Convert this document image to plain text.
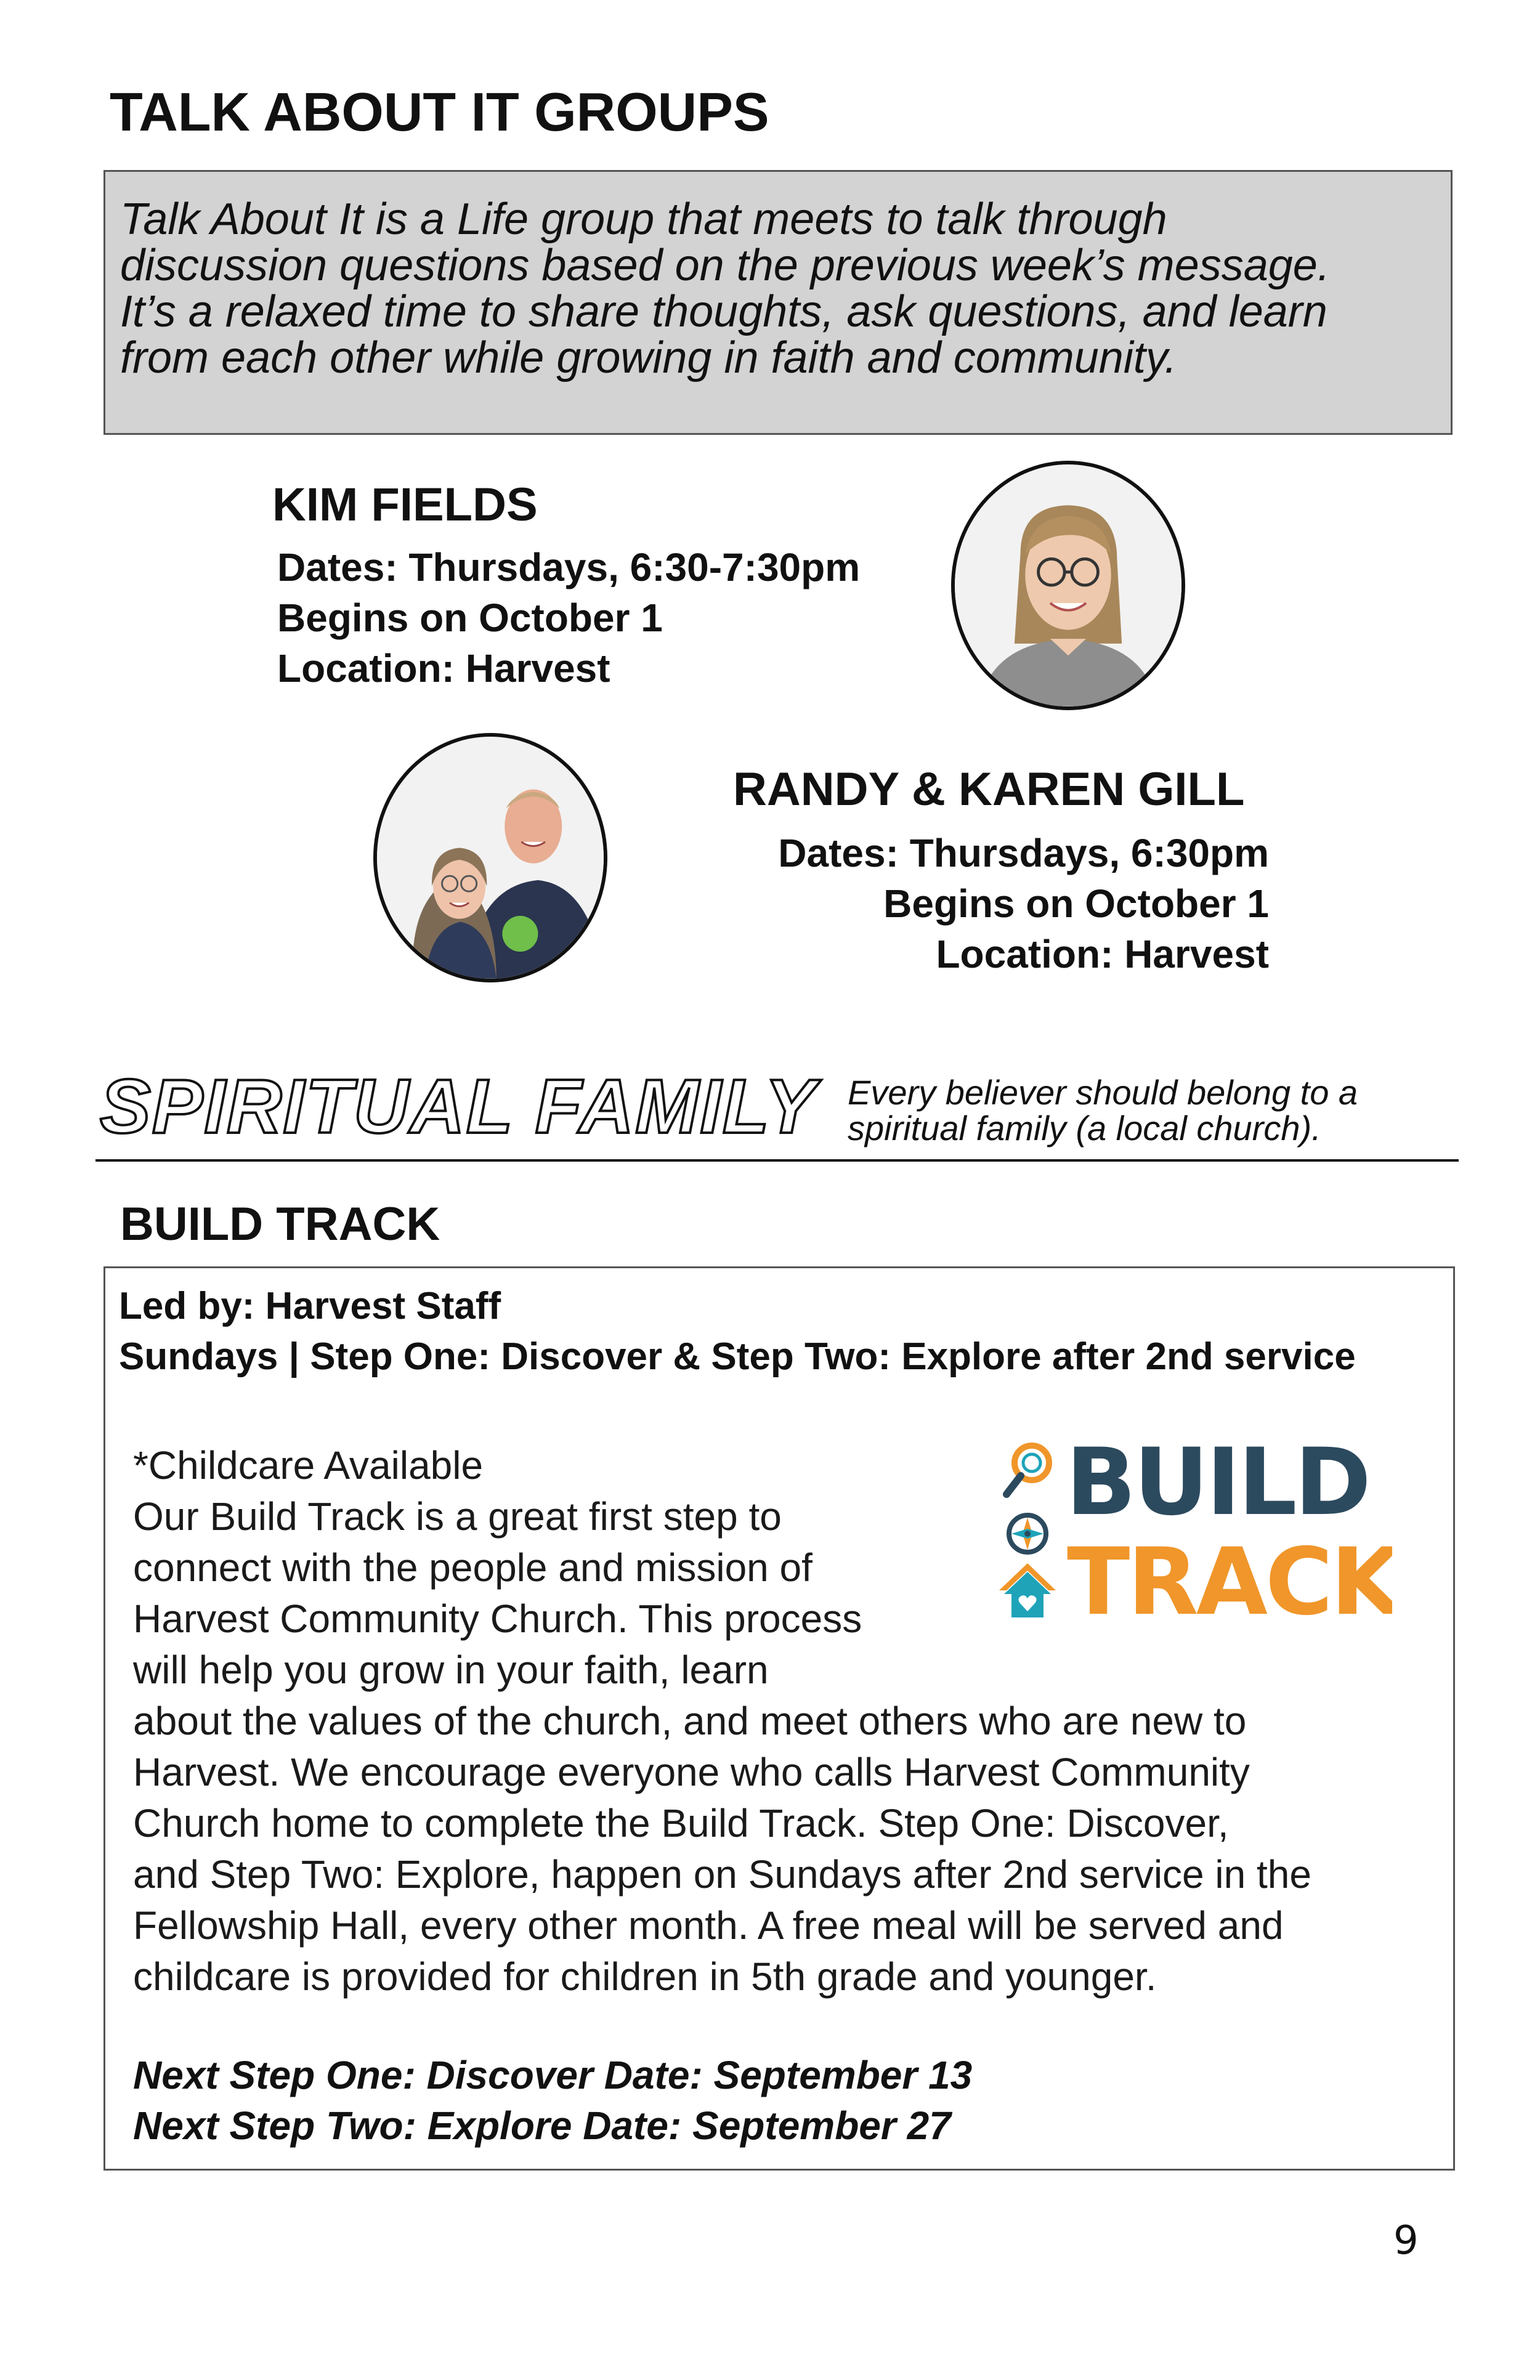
TALK ABOUT IT GROUPS

Talk About It is a Life group that meets to talk through

discussion questions based on the previous week’s message.

It’s a relaxed time to share thoughts, ask questions, and learn

from each other while growing in faith and community.

KIM FIELDS
Dates: Thursdays, 6:30-7:30pm
Begins on October 1
Location: Harvest
RANDY & KAREN GILL
Dates: Thursdays, 6:30pm
Begins on October 1
Location: Harvest
SPIRITUAL FAMILY Every believer should belong to a
spiritual family (a local church).
BUILD TRACK
Led by: Harvest Staff
Sundays | Step One: Discover & Step Two: Explore after 2nd service
*Childcare Available
Our Build Track is a great first step to
connect with the people and mission of
Harvest Community Church. This process
will help you grow in your faith, learn
about the values of the church, and meet others who are new to
Harvest. We encourage everyone who calls Harvest Community
Church home to complete the Build Track. Step One: Discover,
and Step Two: Explore, happen on Sundays after 2nd service in the
Fellowship Hall, every other month. A free meal will be served and
childcare is provided for children in 5th grade and younger.
Next Step One: Discover Date: September 13
Next Step Two: Explore Date: September 27
BUILD
TRACK
9
